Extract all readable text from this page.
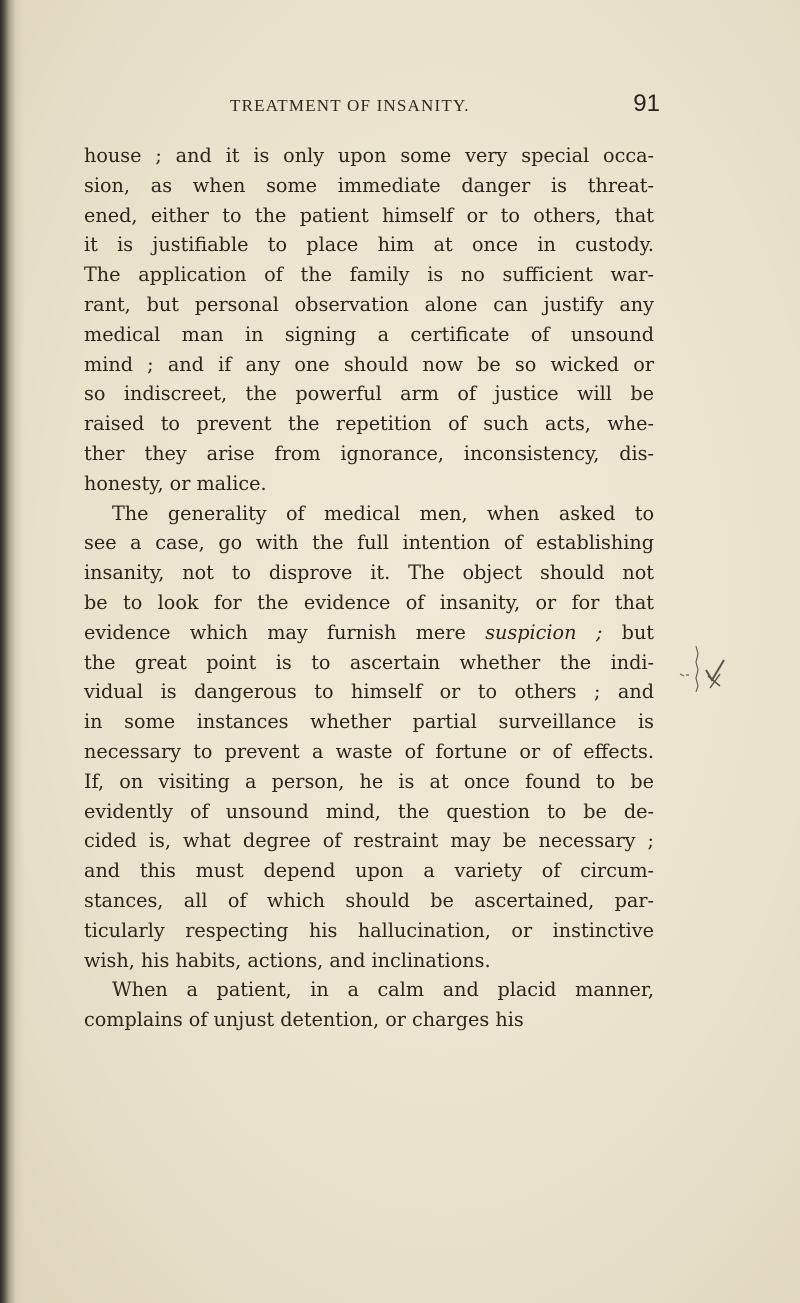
TREATMENT OF INSANITY.	91
house ; and it is only upon some very special occa-
sion, as when some immediate danger is threat-
ened, either to the patient himself or to others, that
it is justifiable to place him at once in custody.
The application of the family is no sufficient war-
rant, but personal observation alone can justify any
medical man in signing a certificate of unsound
mind ; and if any one should now be so wicked or
so indiscreet, the powerful arm of justice will be
raised to prevent the repetition of such acts, whe-
ther they arise from ignorance, inconsistency, dis-
honesty, or malice.
The generality of medical men, when asked to
see a case, go with the full intention of establishing
insanity, not to disprove it. The object should not
be to look for the evidence of insanity, or for that
evidence which may furnish mere suspicion ; but
the great point is to ascertain whether the indi-
vidual is dangerous to himself or to others ; and
in some instances whether partial surveillance is
necessary to prevent a waste of fortune or of effects.
If, on visiting a person, he is at once found to be
evidently of unsound mind, the question to be de-
cided is, what degree of restraint may be necessary ;
and this must depend upon a variety of circum-
stances, all of which should be ascertained, par-
ticularly respecting his hallucination, or instinctive
wish, his habits, actions, and inclinations.
When a patient, in a calm and placid manner,
complains of unjust detention, or charges his
